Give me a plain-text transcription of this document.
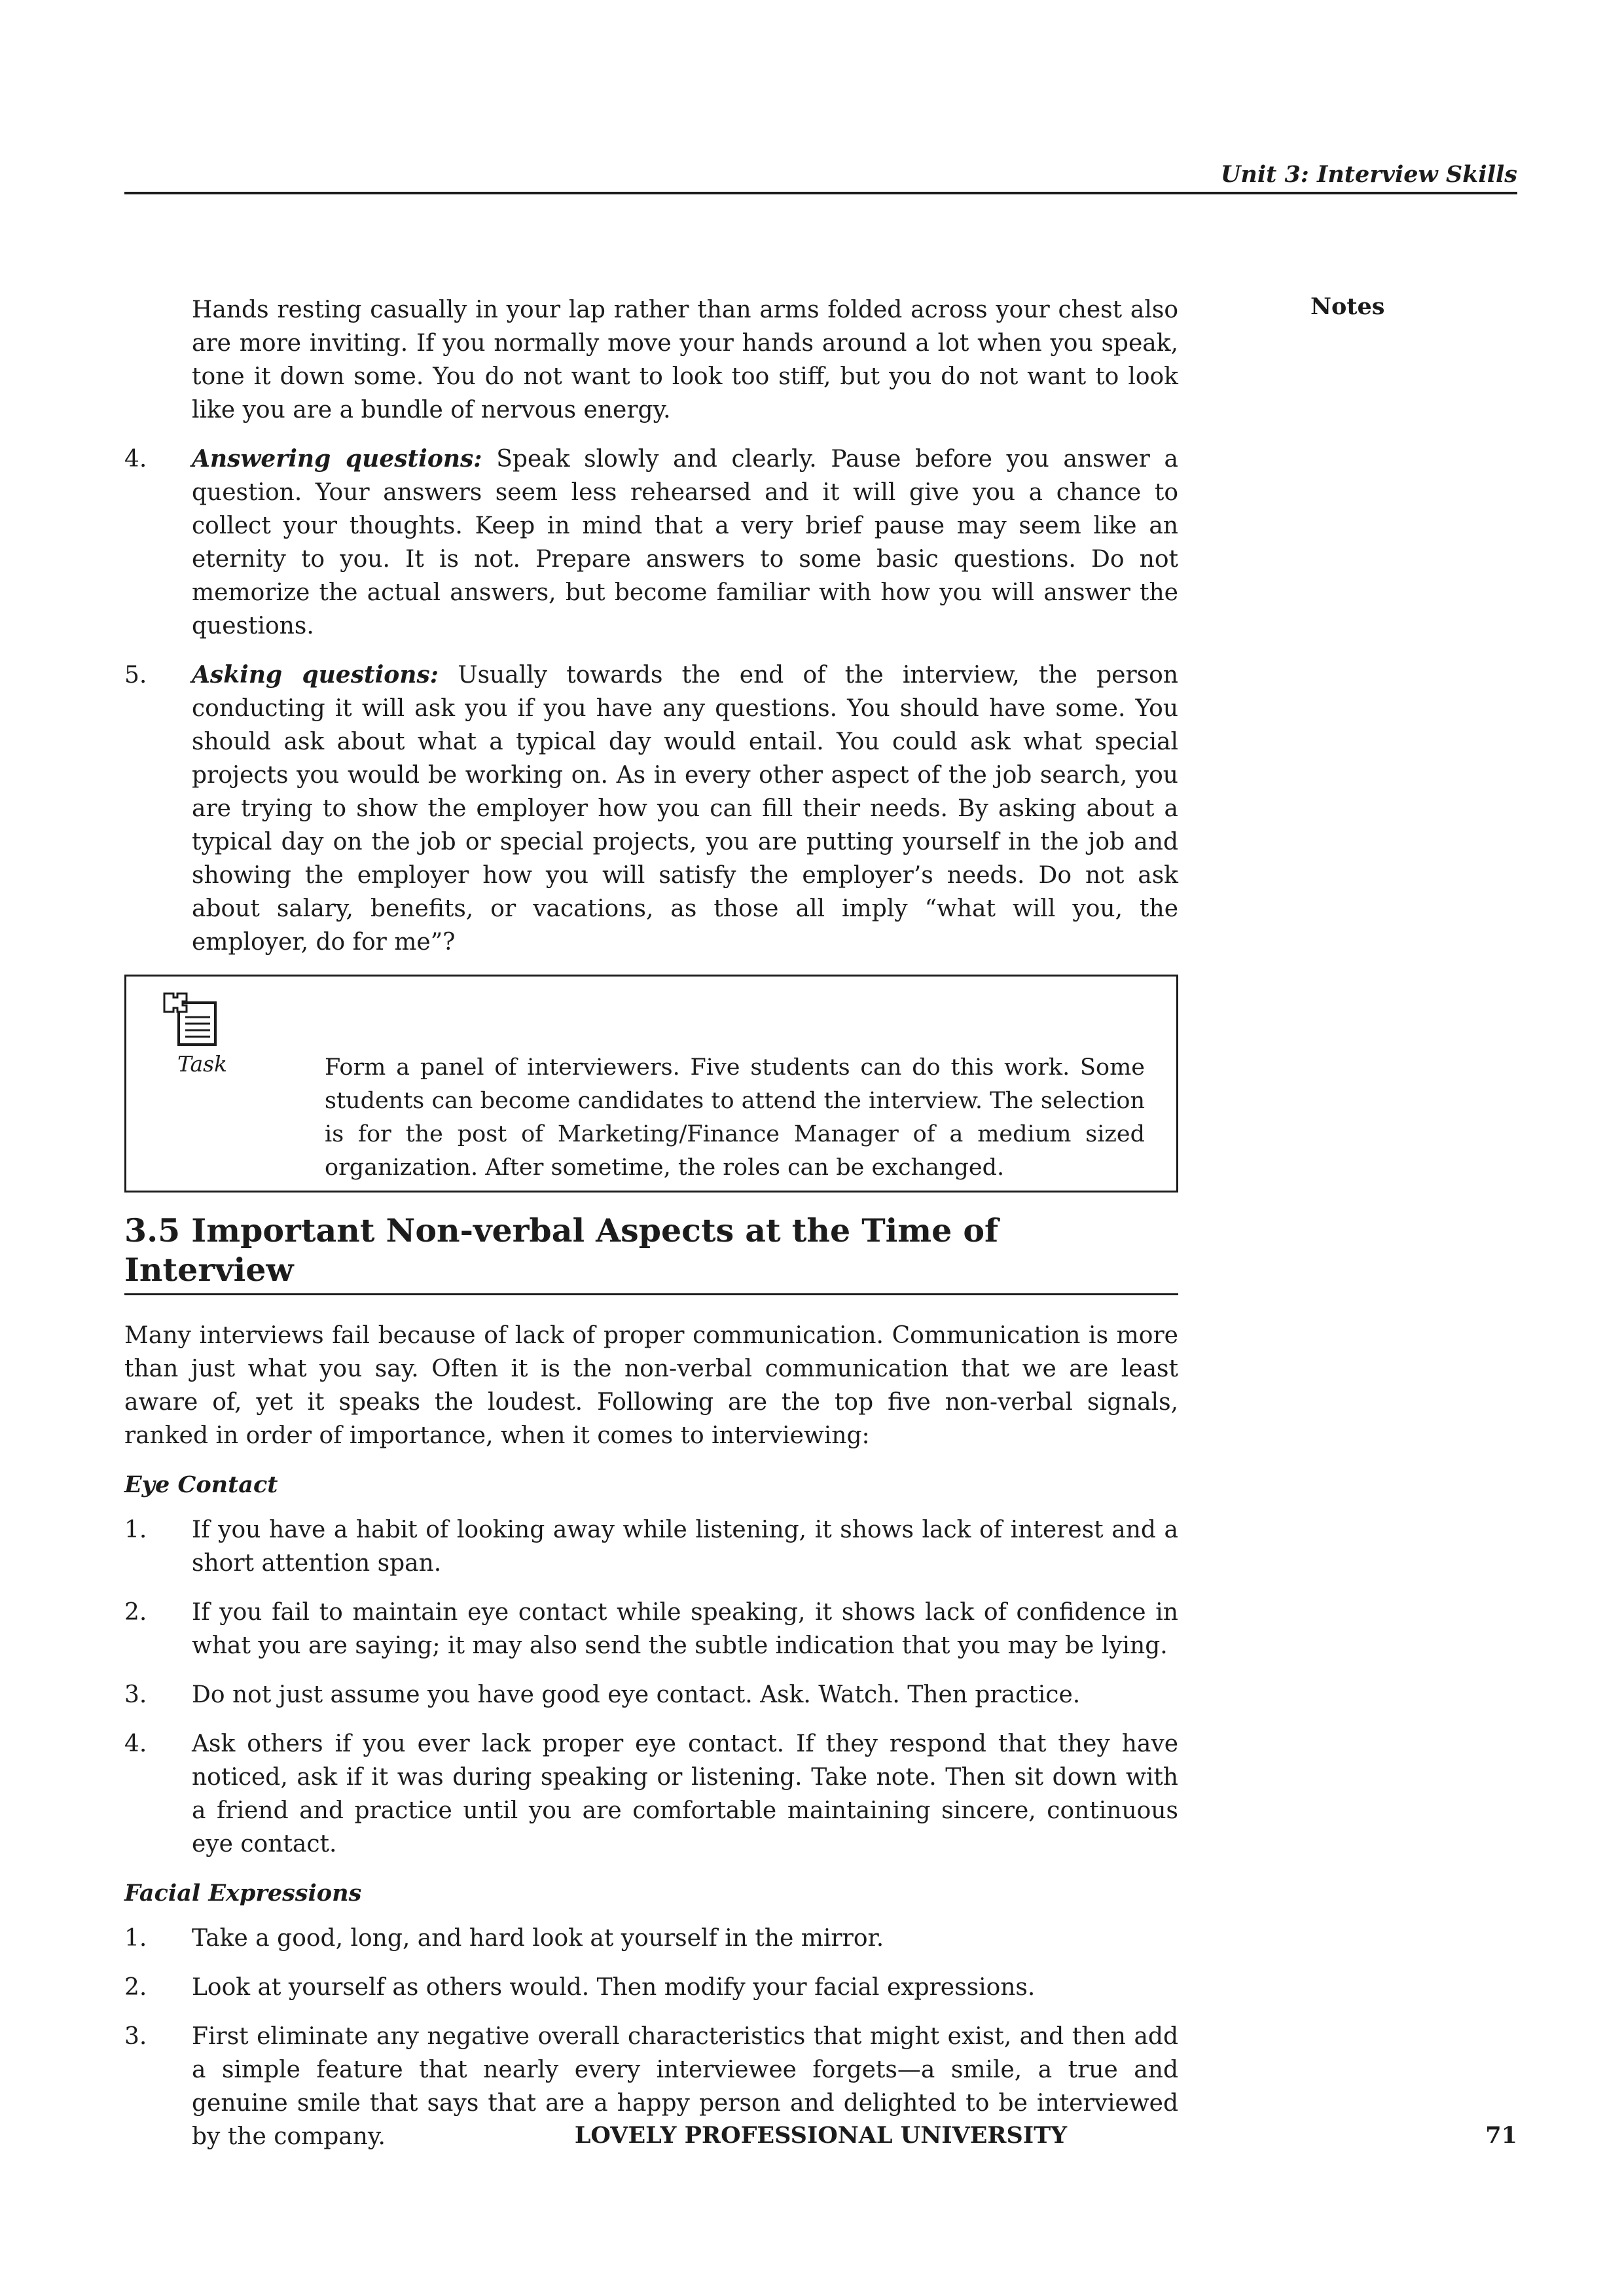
Unit 3: Interview Skills
Notes

Hands resting casually in your lap rather than arms folded across your chest also are more inviting. If you normally move your hands around a lot when you speak, tone it down some. You do not want to look too stiff, but you do not want to look like you are a bundle of nervous energy.

4. Answering questions: Speak slowly and clearly. Pause before you answer a question. Your answers seem less rehearsed and it will give you a chance to collect your thoughts. Keep in mind that a very brief pause may seem like an eternity to you. It is not. Prepare answers to some basic questions. Do not memorize the actual answers, but become familiar with how you will answer the questions.

5. Asking questions: Usually towards the end of the interview, the person conducting it will ask you if you have any questions. You should have some. You should ask about what a typical day would entail. You could ask what special projects you would be working on. As in every other aspect of the job search, you are trying to show the employer how you can fill their needs. By asking about a typical day on the job or special projects, you are putting yourself in the job and showing the employer how you will satisfy the employer’s needs. Do not ask about salary, benefits, or vacations, as those all imply “what will you, the employer, do for me”?

Task	Form a panel of interviewers. Five students can do this work. Some students can become candidates to attend the interview. The selection is for the post of Marketing/Finance Manager of a medium sized organization. After sometime, the roles can be exchanged.

3.5 Important Non-verbal Aspects at the Time of Interview

Many interviews fail because of lack of proper communication. Communication is more than just what you say. Often it is the non-verbal communication that we are least aware of, yet it speaks the loudest. Following are the top five non-verbal signals, ranked in order of importance, when it comes to interviewing:

Eye Contact

1. If you have a habit of looking away while listening, it shows lack of interest and a short attention span.

2. If you fail to maintain eye contact while speaking, it shows lack of confidence in what you are saying; it may also send the subtle indication that you may be lying.

3. Do not just assume you have good eye contact. Ask. Watch. Then practice.

4. Ask others if you ever lack proper eye contact. If they respond that they have noticed, ask if it was during speaking or listening. Take note. Then sit down with a friend and practice until you are comfortable maintaining sincere, continuous eye contact.

Facial Expressions

1. Take a good, long, and hard look at yourself in the mirror.

2. Look at yourself as others would. Then modify your facial expressions.

3. First eliminate any negative overall characteristics that might exist, and then add a simple feature that nearly every interviewee forgets—a smile, a true and genuine smile that says that are a happy person and delighted to be interviewed by the company.	LOVELY PROFESSIONAL UNIVERSITY	71
